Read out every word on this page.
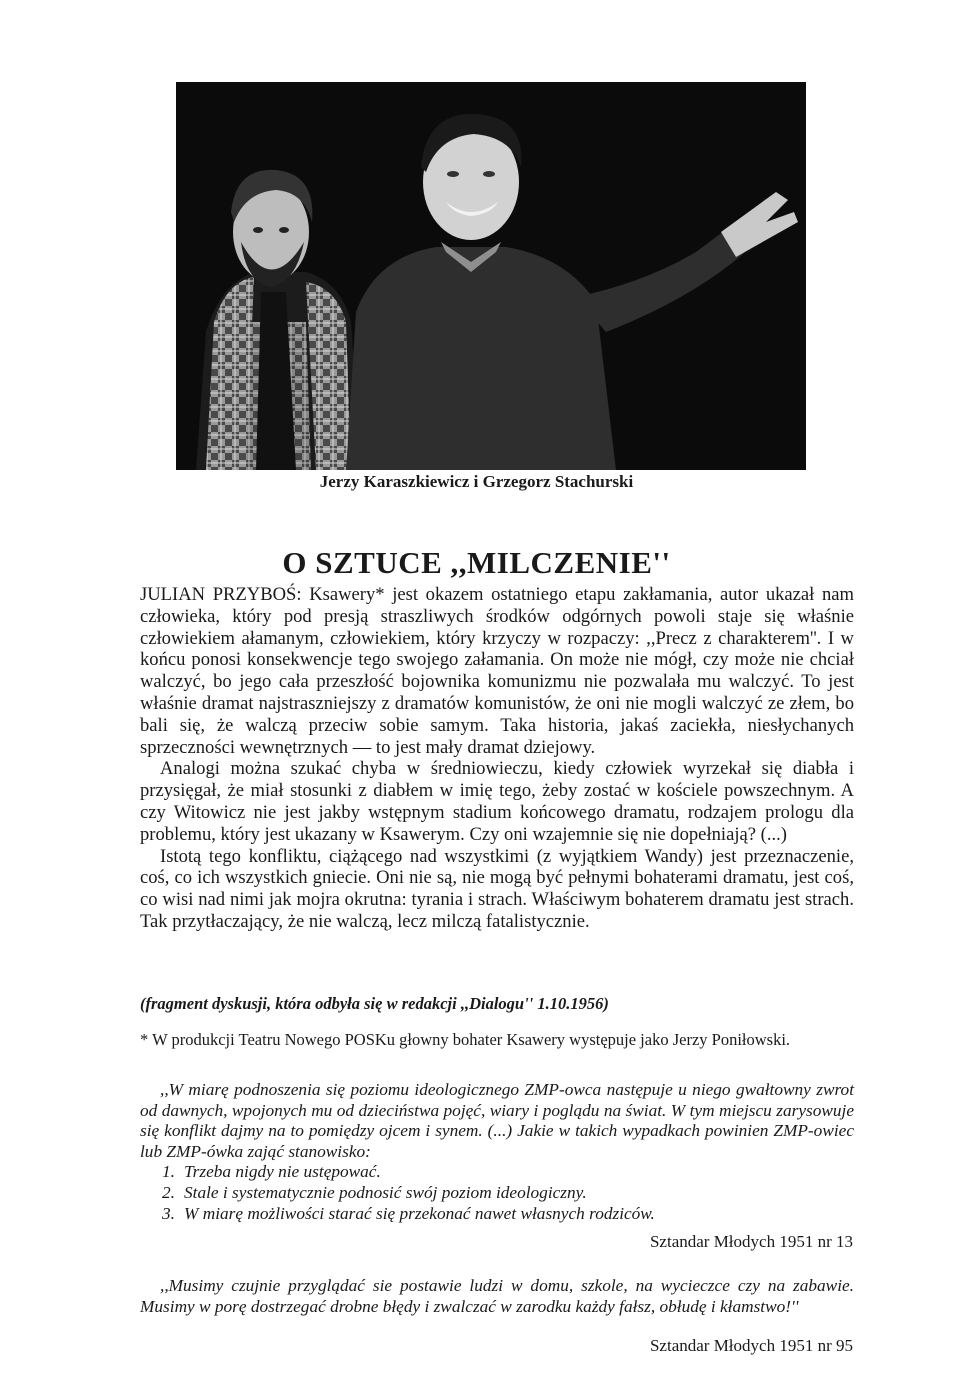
Jerzy Karaszkiewicz i Grzegorz Stachurski
O SZTUCE ,,MILCZENIE''

JULIAN PRZYBOŚ: Ksawery* jest okazem ostatniego etapu zakłamania, autor ukazał nam człowieka, który pod presją straszliwych środków odgórnych powoli staje się właśnie człowiekiem ałamanym, człowiekiem, który krzyczy w rozpaczy: ,,Precz z charakterem''. I w końcu ponosi konsekwencje tego swojego załamania. On może nie mógł, czy może nie chciał walczyć, bo jego cała przeszłość bojownika komunizmu nie pozwalała mu walczyć. To jest właśnie dramat najstraszniejszy z dramatów komunistów, że oni nie mogli walczyć ze złem, bo bali się, że walczą przeciw sobie samym. Taka historia, jakaś zaciekła, niesłychanych sprzeczności wewnętrznych — to jest mały dramat dziejowy.

Analogi można szukać chyba w średniowieczu, kiedy człowiek wyrzekał się diabła i przysięgał, że miał stosunki z diabłem w imię tego, żeby zostać w kościele powszechnym. A czy Witowicz nie jest jakby wstępnym stadium końcowego dramatu, rodzajem prologu dla problemu, który jest ukazany w Ksawerym. Czy oni wzajemnie się nie dopełniają? (...)

Istotą tego konfliktu, ciążącego nad wszystkimi (z wyjątkiem Wandy) jest przeznaczenie, coś, co ich wszystkich gniecie. Oni nie są, nie mogą być pełnymi bohaterami dramatu, jest coś, co wisi nad nimi jak mojra okrutna: tyrania i strach. Właściwym bohaterem dramatu jest strach. Tak przytłaczający, że nie walczą, lecz milczą fatalistycznie.

(fragment dyskusji, która odbyła się w redakcji ,,Dialogu'' 1.10.1956)
* W produkcji Teatru Nowego POSKu głowny bohater Ksawery występuje jako Jerzy Poniłowski.

,,W miarę podnoszenia się poziomu ideologicznego ZMP-owca następuje u niego gwałtowny zwrot od dawnych, wpojonych mu od dzieciństwa pojęć, wiary i poglądu na świat. W tym miejscu zarysowuje się konflikt dajmy na to pomiędzy ojcem i synem. (...) Jakie w takich wypadkach powinien ZMP-owiec lub ZMP-ówka zająć stanowisko:

1. Trzeba nigdy nie ustępować.
2. Stale i systematycznie podnosić swój poziom ideologiczny.
3. W miarę możliwości starać się przekonać nawet własnych rodziców.
Sztandar Młodych 1951 nr 13
,,Musimy czujnie przyglądać sie postawie ludzi w domu, szkole, na wycieczce czy na zabawie. Musimy w porę dostrzegać drobne błędy i zwalczać w zarodku każdy fałsz, obłudę i kłamstwo!''
Sztandar Młodych 1951 nr 95
